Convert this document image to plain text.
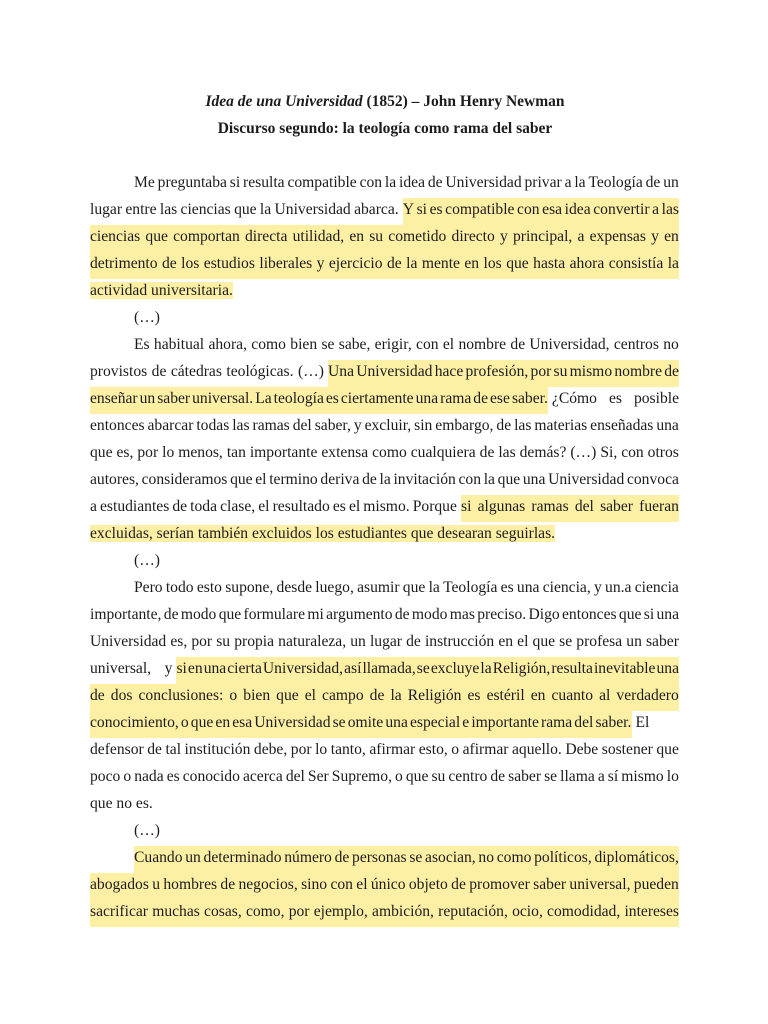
Idea de una Universidad (1852) – John Henry Newman
Discurso segundo: la teología como rama del saber
Me preguntaba si resulta compatible con la idea de Universidad privar a la Teología de un
lugar entre las ciencias que la Universidad abarca. Y si es compatible con esa idea convertir a las
ciencias que comportan directa utilidad, en su cometido directo y principal, a expensas y en
detrimento de los estudios liberales y ejercicio de la mente en los que hasta ahora consistía la
actividad universitaria.
(…)
Es habitual ahora, como bien se sabe, erigir, con el nombre de Universidad, centros no
provistos de cátedras teológicas. (…) Una Universidad hace profesión, por su mismo nombre de
enseñar un saber universal. La teología es ciertamente una rama de ese saber. ¿Cómo es posible
entonces abarcar todas las ramas del saber, y excluir, sin embargo, de las materias enseñadas una
que es, por lo menos, tan importante extensa como cualquiera de las demás? (…) Si, con otros
autores, consideramos que el termino deriva de la invitación con la que una Universidad convoca
a estudiantes de toda clase, el resultado es el mismo. Porque si algunas ramas del saber fueran
excluidas, serían también excluidos los estudiantes que desearan seguirlas.
(…)
Pero todo esto supone, desde luego, asumir que la Teología es una ciencia, y un.a ciencia
importante, de modo que formulare mi argumento de modo mas preciso. Digo entonces que si una
Universidad es, por su propia naturaleza, un lugar de instrucción en el que se profesa un saber
universal, y si en una cierta Universidad, así llamada, se excluye la Religión, resulta inevitable una
de dos conclusiones: o bien que el campo de la Religión es estéril en cuanto al verdadero
conocimiento, o que en esa Universidad se omite una especial e importante rama del saber. El
defensor de tal institución debe, por lo tanto, afirmar esto, o afirmar aquello. Debe sostener que
poco o nada es conocido acerca del Ser Supremo, o que su centro de saber se llama a sí mismo lo
que no es.
(…)
Cuando un determinado número de personas se asocian, no como políticos, diplomáticos,
abogados u hombres de negocios, sino con el único objeto de promover saber universal, pueden
sacrificar muchas cosas, como, por ejemplo, ambición, reputación, ocio, comodidad, intereses
